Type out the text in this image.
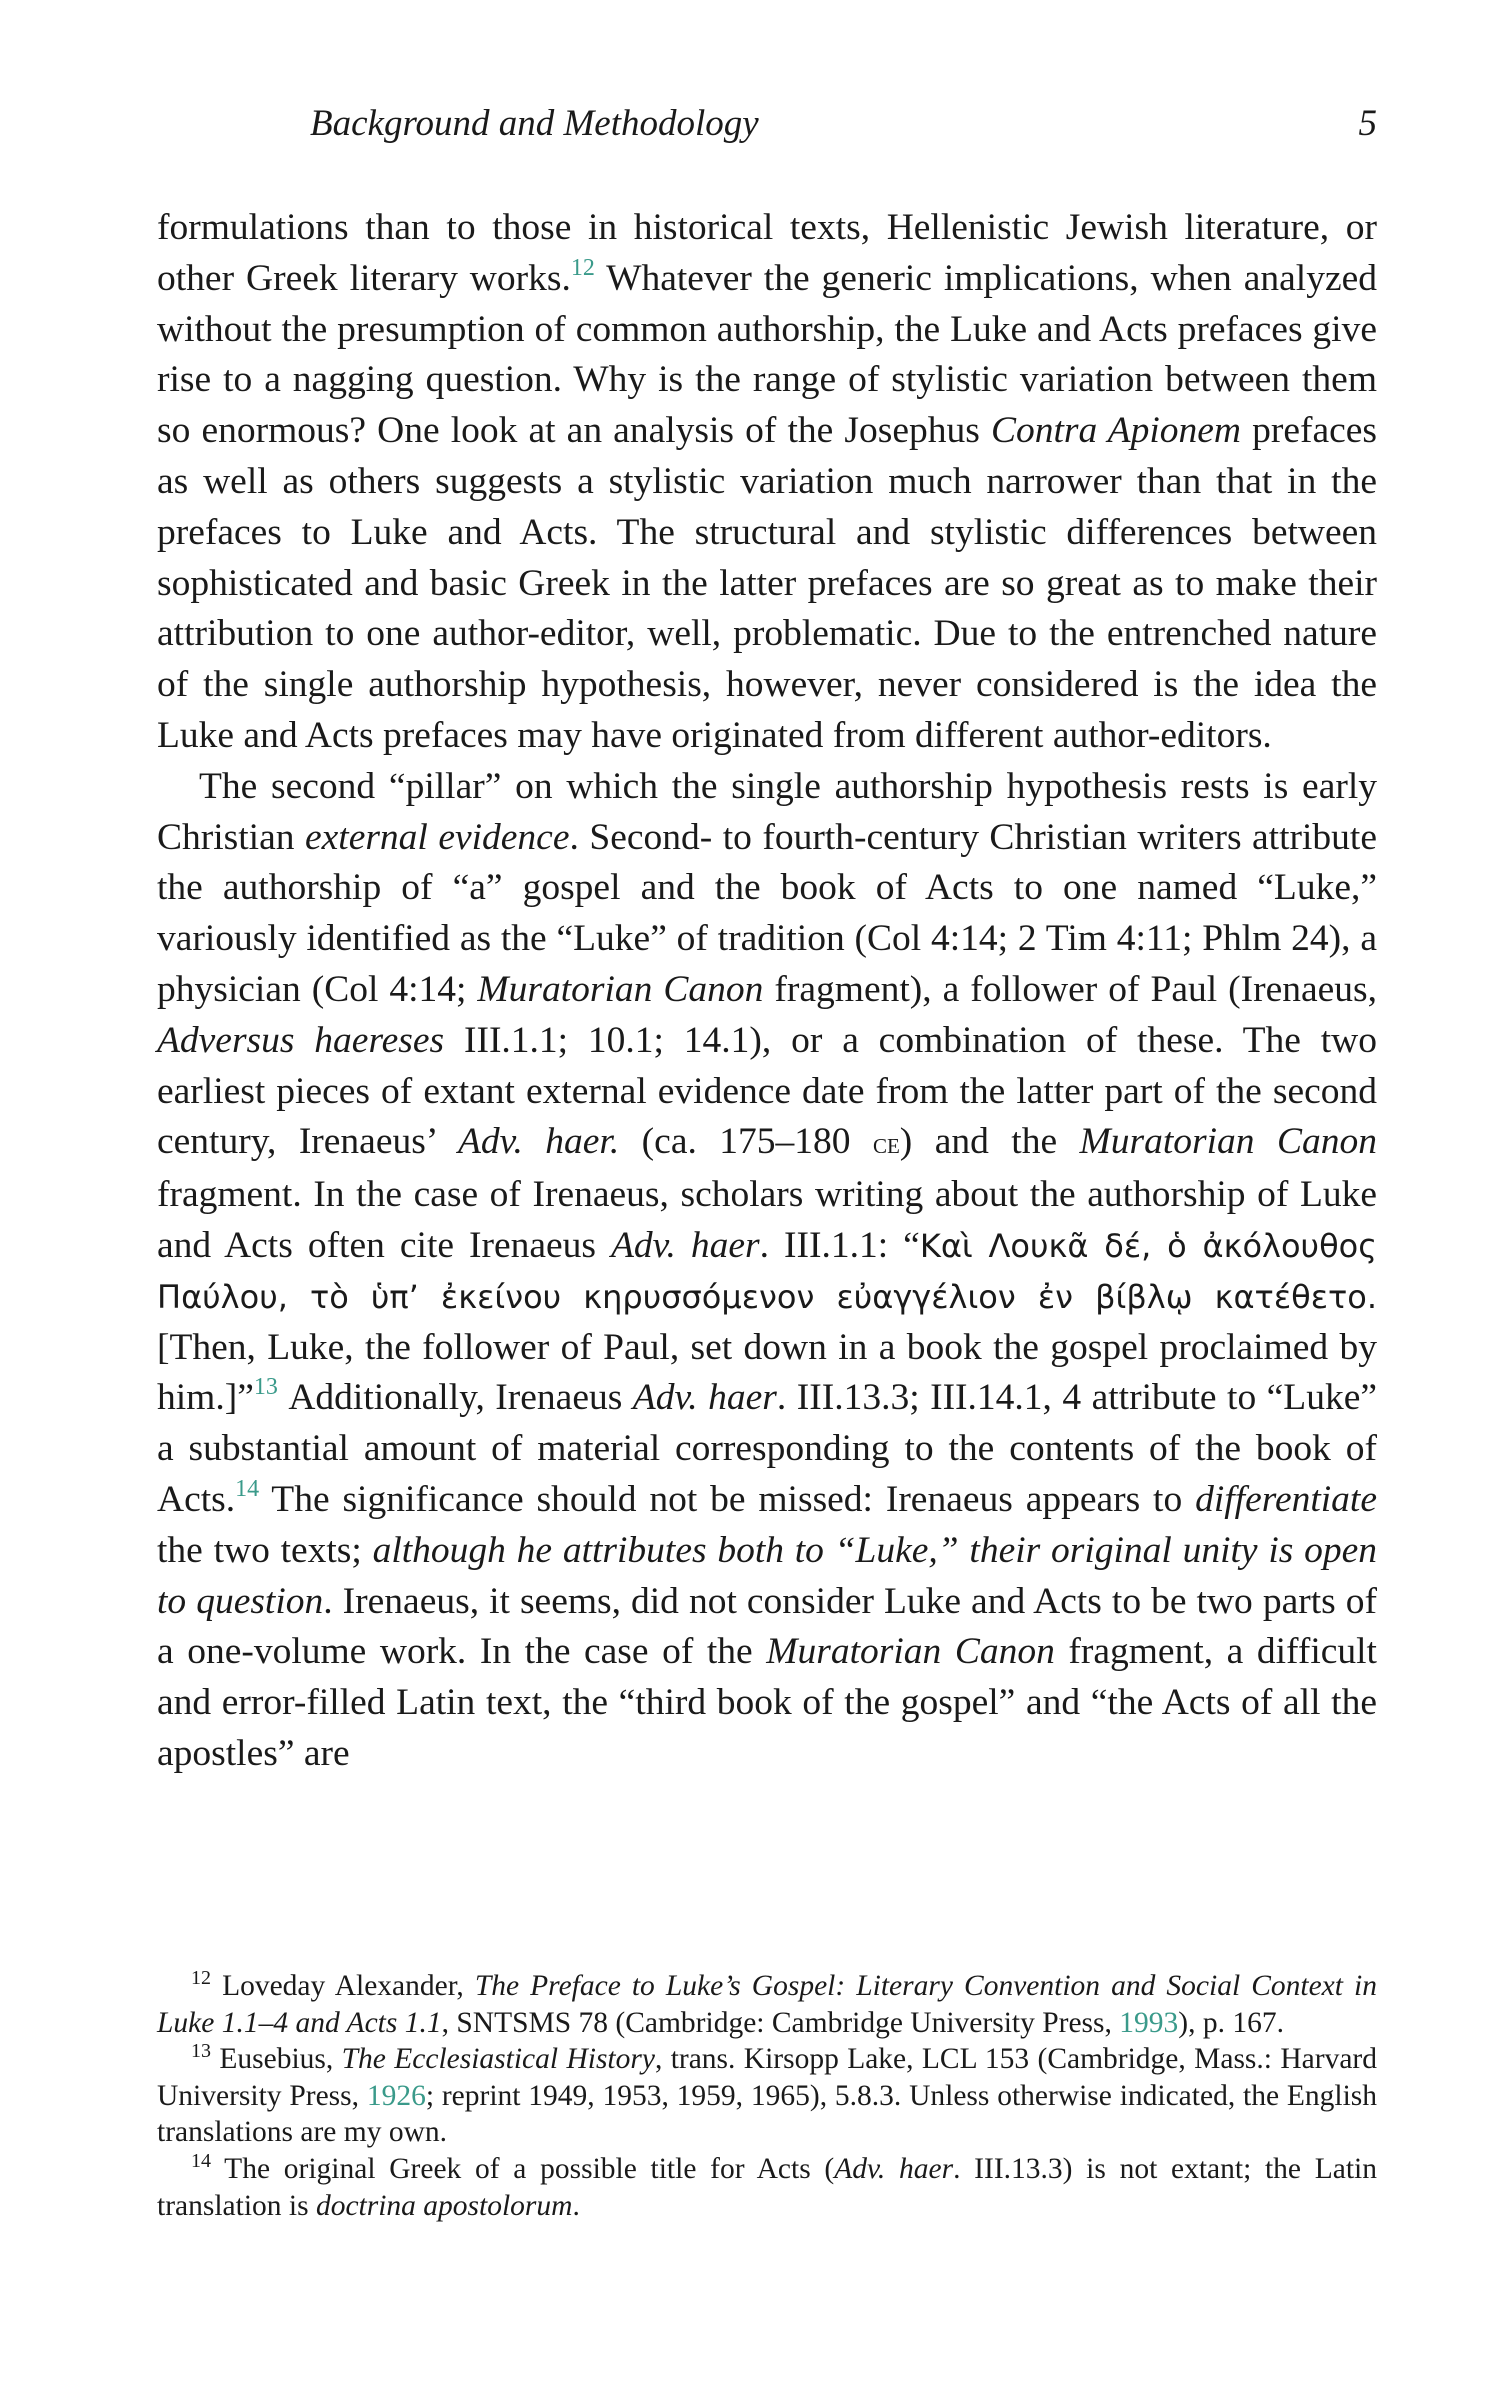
Background and Methodology	5

formulations than to those in historical texts, Hellenistic Jewish literature, or other Greek literary works.$^{12}$ Whatever the generic implications, when analyzed without the presumption of common authorship, the Luke and Acts prefaces give rise to a nagging question. Why is the range of stylistic variation between them so enormous? One look at an analysis of the Josephus Contra Apionem prefaces as well as others suggests a stylistic variation much narrower than that in the prefaces to Luke and Acts. The structural and stylistic differences between sophisticated and basic Greek in the latter prefaces are so great as to make their attribution to one author-editor, well, problematic. Due to the entrenched nature of the single authorship hypothesis, however, never considered is the idea the Luke and Acts prefaces may have originated from different author-editors.

The second “pillar” on which the single authorship hypothesis rests is early Christian external evidence. Second- to fourth-century Christian writers attribute the authorship of “a” gospel and the book of Acts to one named “Luke,” variously identified as the “Luke” of tradition (Col 4:14; 2 Tim 4:11; Phlm 24), a physician (Col 4:14; Muratorian Canon fragment), a follower of Paul (Irenaeus, Adversus haereses III.1.1; 10.1; 14.1), or a combination of these. The two earliest pieces of extant external evidence date from the latter part of the second century, Irenaeus’ Adv. haer. (ca. 175–180 ce) and the Muratorian Canon fragment. In the case of Irenaeus, scholars writing about the authorship of Luke and Acts often cite Irenaeus Adv. haer. III.1.1: “Καὶ Λουκᾶ δέ, ὁ ἀκόλουθος Παύλου, τὸ ὑπ’ ἐκείνου κηρυσσόμενον εὐαγγέλιον ἐν βίβλῳ κατέθετο. [Then, Luke, the follower of Paul, set down in a book the gospel proclaimed by him.]”$^{13}$ Additionally, Irenaeus Adv. haer. III.13.3; III.14.1, 4 attribute to “Luke” a substantial amount of material corresponding to the contents of the book of Acts.$^{14}$ The significance should not be missed: Irenaeus appears to differentiate the two texts; although he attributes both to “Luke,” their original unity is open to question. Irenaeus, it seems, did not consider Luke and Acts to be two parts of a one-volume work. In the case of the Muratorian Canon fragment, a difficult and error-filled Latin text, the “third book of the gospel” and “the Acts of all the apostles” are

$^{12}$ Loveday Alexander, The Preface to Luke’s Gospel: Literary Convention and Social Context in Luke 1.1–4 and Acts 1.1, SNTSMS 78 (Cambridge: Cambridge University Press, 1993), p. 167.

$^{13}$ Eusebius, The Ecclesiastical History, trans. Kirsopp Lake, LCL 153 (Cambridge, Mass.: Harvard University Press, 1926; reprint 1949, 1953, 1959, 1965), 5.8.3. Unless otherwise indicated, the English translations are my own.

$^{14}$ The original Greek of a possible title for Acts (Adv. haer. III.13.3) is not extant; the Latin translation is doctrina apostolorum.
